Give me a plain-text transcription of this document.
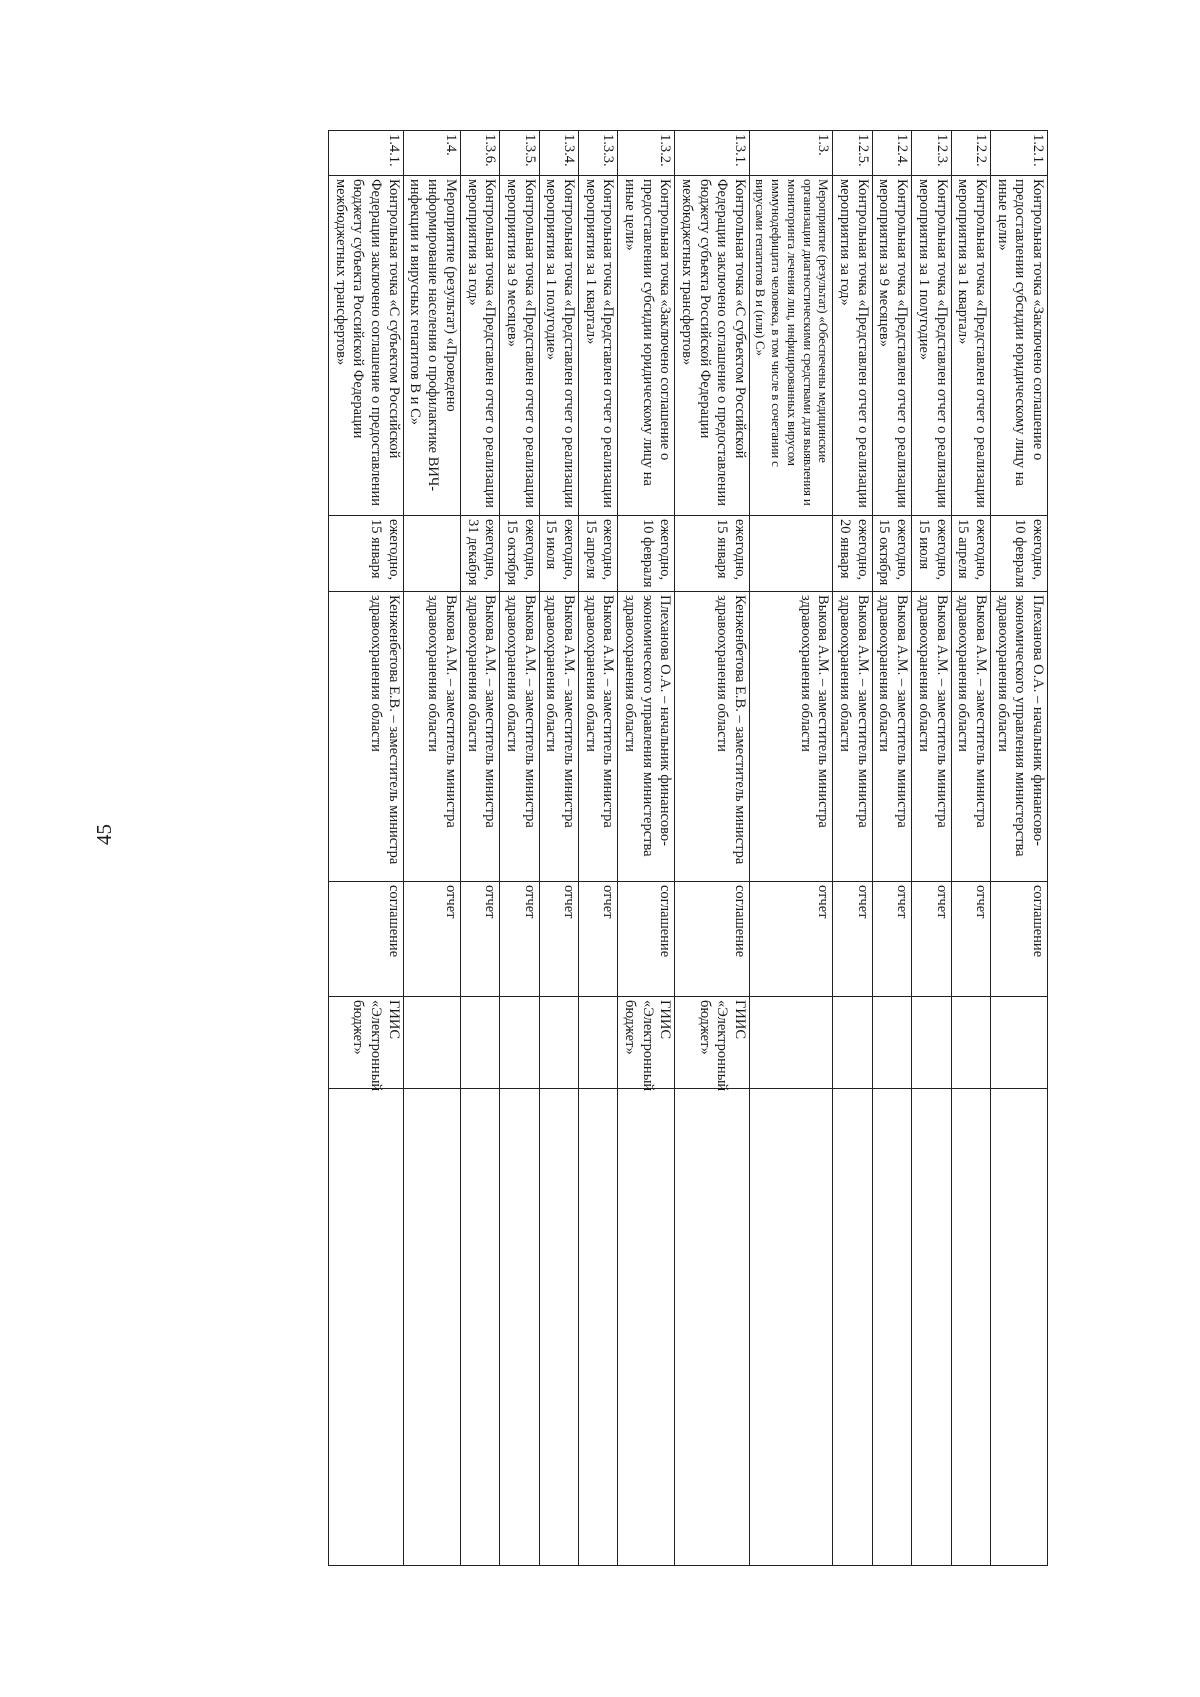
45
1.2.1.	Контрольная точка «Заключено соглашение о предоставлении субсидии юридическому лицу на иные цели»	ежегодно, 10 февраля	Плеханова О.А. – начальник финансово-экономического управления министерства здравоохранения области	соглашение		
1.2.2.	Контрольная точка «Представлен отчет о реализации мероприятия за 1 квартал»	ежегодно, 15 апреля	Выкова А.М. – заместитель министра здравоохранения области	отчет		
1.2.3.	Контрольная точка «Представлен отчет о реализации мероприятия за 1 полугодие»	ежегодно, 15 июля	Выкова А.М. – заместитель министра здравоохранения области	отчет		
1.2.4.	Контрольная точка «Представлен отчет о реализации мероприятия за 9 месяцев»	ежегодно, 15 октября	Выкова А.М. – заместитель министра здравоохранения области	отчет		
1.2.5.	Контрольная точка «Представлен отчет о реализации мероприятия за год»	ежегодно, 20 января	Выкова А.М. – заместитель министра здравоохранения области	отчет		
1.3.	Мероприятие (результат) «Обеспечены медицинские организации диагностическими средствами для выявления и мониторинга лечения лиц, инфицированных вирусом иммунодефицита человека, в том числе в сочетании с вирусами гепатитов В и (или) С»		Выкова А.М. – заместитель министра здравоохранения области	отчет		
1.3.1.	Контрольная точка «С субъектом Российской Федерации заключено соглашение о предоставлении бюджету субъекта Российской Федерации межбюджетных трансфертов»	ежегодно, 15 января	Кенженбетова Е.В. – заместитель министра здравоохранения области	соглашение	ГИИС «Электронный бюджет»	
1.3.2.	Контрольная точка «Заключено соглашение о предоставлении субсидии юридическому лицу на иные цели»	ежегодно, 10 февраля	Плеханова О.А. – начальник финансово-экономического управления министерства здравоохранения области	соглашение	ГИИС «Электронный бюджет»	
1.3.3.	Контрольная точка «Представлен отчет о реализации мероприятия за 1 квартал»	ежегодно, 15 апреля	Выкова А.М. – заместитель министра здравоохранения области	отчет		
1.3.4.	Контрольная точка «Представлен отчет о реализации мероприятия за 1 полугодие»	ежегодно, 15 июля	Выкова А.М. – заместитель министра здравоохранения области	отчет		
1.3.5.	Контрольная точка «Представлен отчет о реализации мероприятия за 9 месяцев»	ежегодно, 15 октября	Выкова А.М. – заместитель министра здравоохранения области	отчет		
1.3.6.	Контрольная точка «Представлен отчет о реализации мероприятия за год»	ежегодно, 31 декабря	Выкова А.М. – заместитель министра здравоохранения области	отчет		
1.4.	Мероприятие (результат) «Проведено информирование населения о профилактике ВИЧ-инфекции и вирусных гепатитов В и С»		Выкова А.М. – заместитель министра здравоохранения области	отчет		
1.4.1.	Контрольная точка «С субъектом Российской Федерации заключено соглашение о предоставлении бюджету субъекта Российской Федерации межбюджетных трансфертов»	ежегодно, 15 января	Кенженбетова Е.В. – заместитель министра здравоохранения области	соглашение	ГИИС «Электронный бюджет»	
